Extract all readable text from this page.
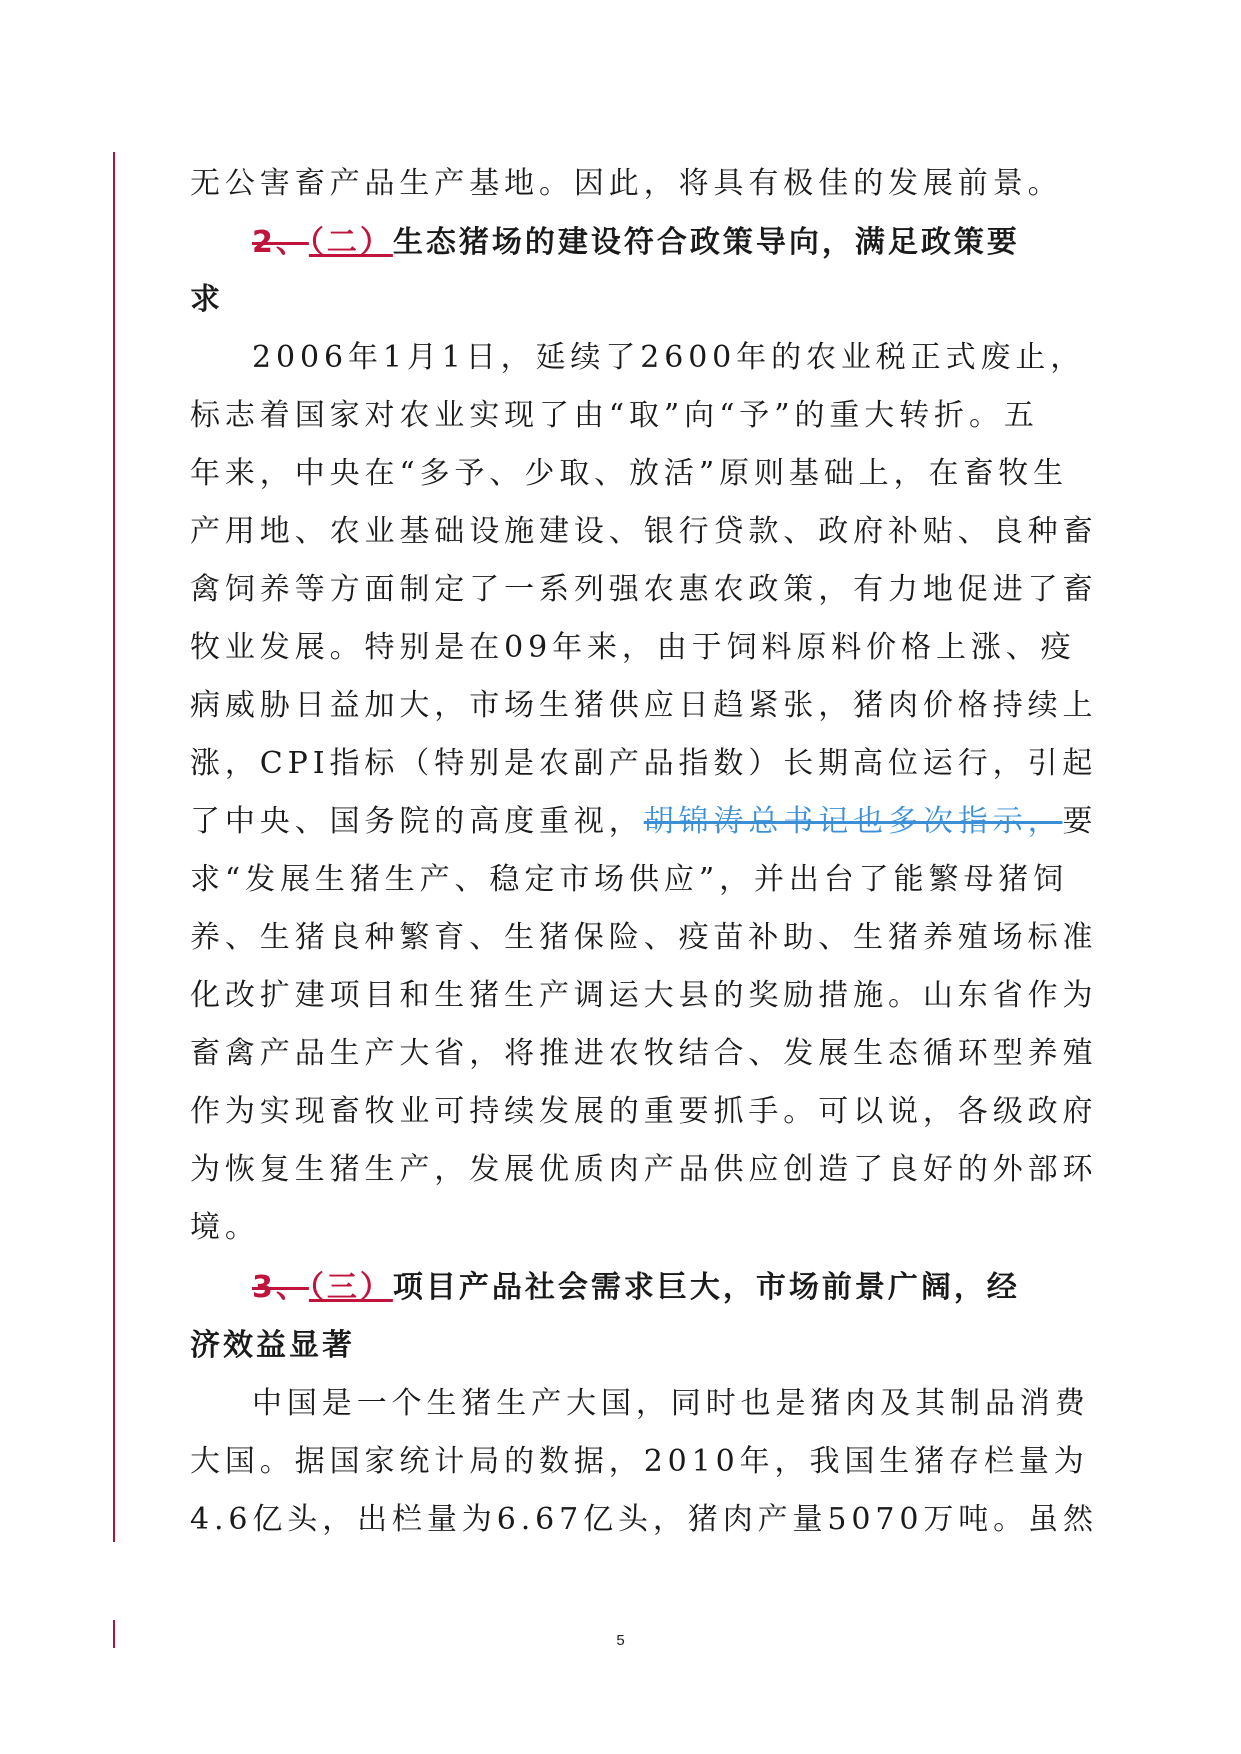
无公害畜产品生产基地。因此，将具有极佳的发展前景。
2、（二）生态猪场的建设符合政策导向，满足政策要
求
2006年1月1日，延续了2600年的农业税正式废止，
标志着国家对农业实现了由“取”向“予”的重大转折。五
年来，中央在“多予、少取、放活”原则基础上，在畜牧生
产用地、农业基础设施建设、银行贷款、政府补贴、良种畜
禽饲养等方面制定了一系列强农惠农政策，有力地促进了畜
牧业发展。特别是在09年来，由于饲料原料价格上涨、疫
病威胁日益加大，市场生猪供应日趋紧张，猪肉价格持续上
涨，CPI指标（特别是农副产品指数）长期高位运行，引起
了中央、国务院的高度重视，胡锦涛总书记也多次指示，要
求“发展生猪生产、稳定市场供应”，并出台了能繁母猪饲
养、生猪良种繁育、生猪保险、疫苗补助、生猪养殖场标准
化改扩建项目和生猪生产调运大县的奖励措施。山东省作为
畜禽产品生产大省，将推进农牧结合、发展生态循环型养殖
作为实现畜牧业可持续发展的重要抓手。可以说，各级政府
为恢复生猪生产，发展优质肉产品供应创造了良好的外部环
境。
3、（三）项目产品社会需求巨大，市场前景广阔，经
济效益显著
中国是一个生猪生产大国，同时也是猪肉及其制品消费
大国。据国家统计局的数据，2010年，我国生猪存栏量为
4.6亿头，出栏量为6.67亿头，猪肉产量5070万吨。虽然
5
